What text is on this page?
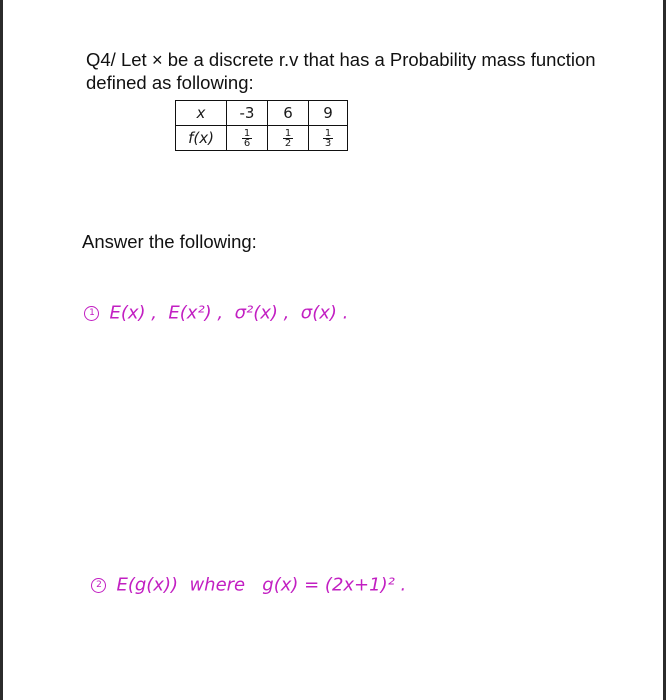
Q4/ Let × be a discrete r.v that has a Probability mass function defined as following:
x	-3	6	9
f(x)	$\frac{1}{6}$	$\frac{1}{2}$	$\frac{1}{3}$
Answer the following:

1 E(x) ,  E(x²) ,  σ²(x) ,  σ(x) .

2 E(g(x))  where   g(x) = (2x+1)² .
